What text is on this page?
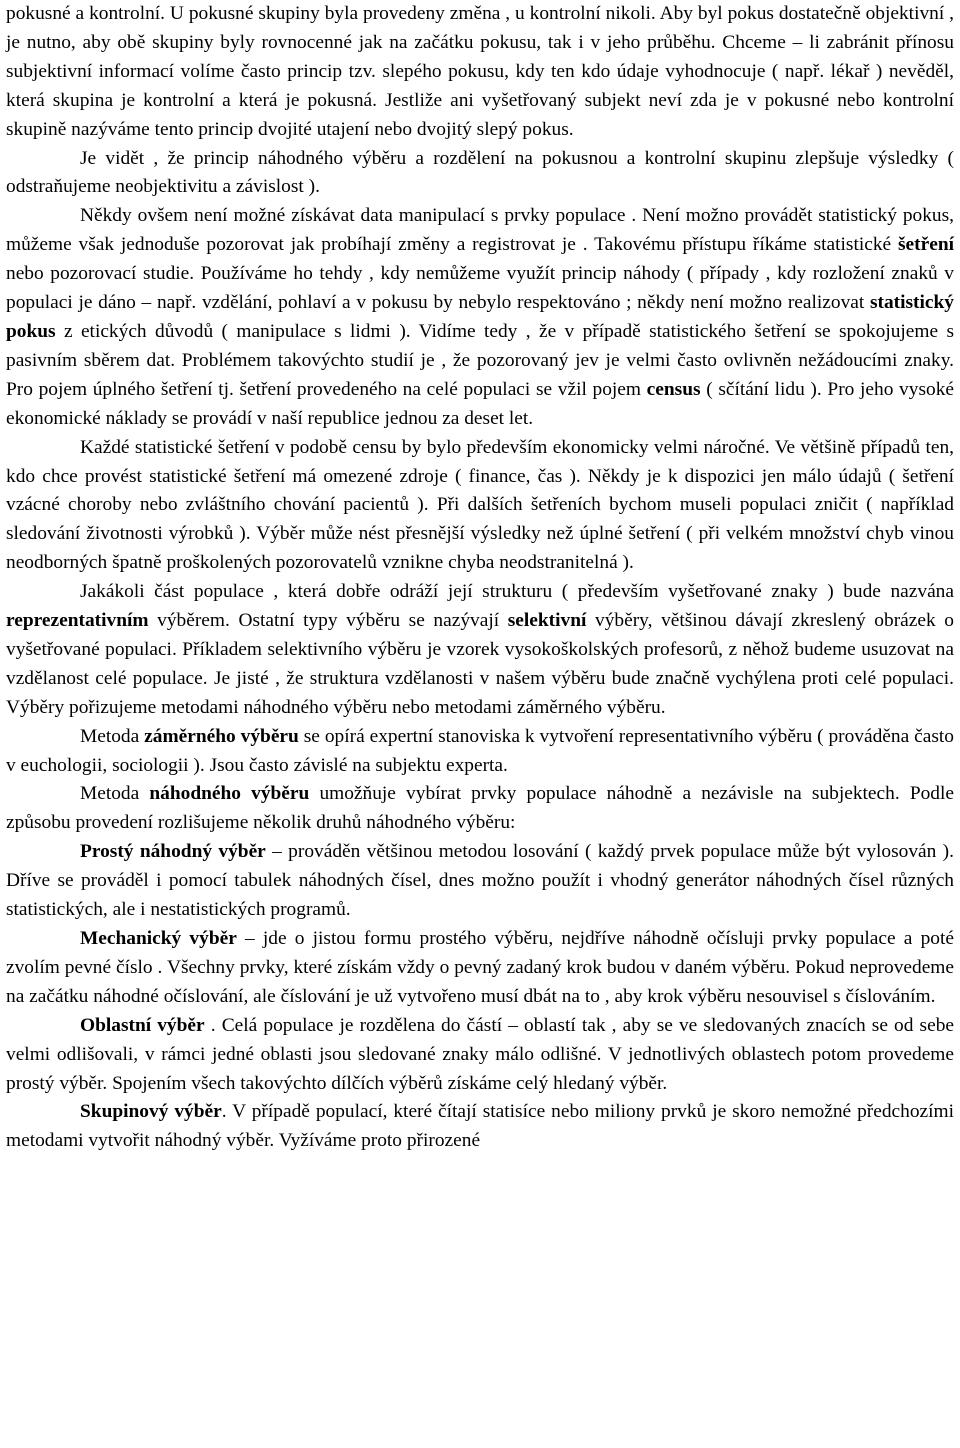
pokusné a kontrolní. U pokusné skupiny byla provedeny změna , u kontrolní nikoli. Aby byl pokus dostatečně objektivní , je nutno, aby obě skupiny byly rovnocenné jak na začátku pokusu, tak i v jeho průběhu. Chceme – li zabránit přínosu subjektivní informací volíme často princip tzv. slepého pokusu, kdy ten kdo údaje vyhodnocuje ( např. lékař ) nevěděl, která skupina je kontrolní a která je pokusná. Jestliže ani vyšetřovaný subjekt neví zda je v pokusné nebo kontrolní skupině nazýváme tento princip dvojité utajení nebo dvojitý slepý pokus.

Je vidět , že princip náhodného výběru a rozdělení na pokusnou a kontrolní skupinu zlepšuje výsledky ( odstraňujeme neobjektivitu a závislost ).

Někdy ovšem není možné získávat data manipulací s prvky populace . Není možno provádět statistický pokus, můžeme však jednoduše pozorovat jak probíhají změny a registrovat je . Takovému přístupu říkáme statistické šetření nebo pozorovací studie. Používáme ho tehdy , kdy nemůžeme využít princip náhody ( případy , kdy rozložení znaků v populaci je dáno – např. vzdělání, pohlaví a v pokusu by nebylo respektováno ; někdy není možno realizovat statistický pokus z etických důvodů ( manipulace s lidmi ). Vidíme tedy , že v případě statistického šetření se spokojujeme s pasivním sběrem dat. Problémem takovýchto studií je , že pozorovaný jev je velmi často ovlivněn nežádoucími znaky. Pro pojem úplného šetření tj. šetření provedeného na celé populaci se vžil pojem census ( sčítání lidu ). Pro jeho vysoké ekonomické náklady se provádí v naší republice jednou za deset let.

Každé statistické šetření v podobě censu by bylo především ekonomicky velmi náročné. Ve většině případů ten, kdo chce provést statistické šetření má omezené zdroje ( finance, čas ). Někdy je k dispozici jen málo údajů ( šetření vzácné choroby nebo zvláštního chování pacientů ). Při dalších šetřeních bychom museli populaci zničit ( například sledování životnosti výrobků ). Výběr může nést přesnější výsledky než úplné šetření ( při velkém množství chyb vinou neodborných špatně proškolených pozorovatelů vznikne chyba neodstranitelná ).

Jakákoli část populace , která dobře odráží její strukturu ( především vyšetřované znaky ) bude nazvána reprezentativním výběrem. Ostatní typy výběru se nazývají selektivní výběry, většinou dávají zkreslený obrázek o vyšetřované populaci. Příkladem selektivního výběru je vzorek vysokoškolských profesorů, z něhož budeme usuzovat na vzdělanost celé populace. Je jisté , že struktura vzdělanosti v našem výběru bude značně vychýlena proti celé populaci. Výběry pořizujeme metodami náhodného výběru nebo metodami záměrného výběru.

Metoda záměrného výběru se opírá expertní stanoviska k vytvoření representativního výběru ( prováděna často v euchologii, sociologii ). Jsou často závislé na subjektu experta.

Metoda náhodného výběru umožňuje vybírat prvky populace náhodně a nezávisle na subjektech. Podle způsobu provedení rozlišujeme několik druhů náhodného výběru:

Prostý náhodný výběr – prováděn většinou metodou losování ( každý prvek populace může být vylosován ). Dříve se prováděl i pomocí tabulek náhodných čísel, dnes možno použít i vhodný generátor náhodných čísel různých statistických, ale i nestatistických programů.

Mechanický výběr – jde o jistou formu prostého výběru, nejdříve náhodně očísluji prvky populace a poté zvolím pevné číslo . Všechny prvky, které získám vždy o pevný zadaný krok budou v daném výběru. Pokud neprovedeme na začátku náhodné očíslování, ale číslování je už vytvořeno musí dbát na to , aby krok výběru nesouvisel s číslováním.

Oblastní výběr . Celá populace je rozdělena do částí – oblastí tak , aby se ve sledovaných znacích se od sebe velmi odlišovali, v rámci jedné oblasti jsou sledované znaky málo odlišné. V jednotlivých oblastech potom provedeme prostý výběr. Spojením všech takovýchto dílčích výběrů získáme celý hledaný výběr.

Skupinový výběr. V případě populací, které čítají statisíce nebo miliony prvků je skoro nemožné předchozími metodami vytvořit náhodný výběr. Vyžíváme proto přirozené
